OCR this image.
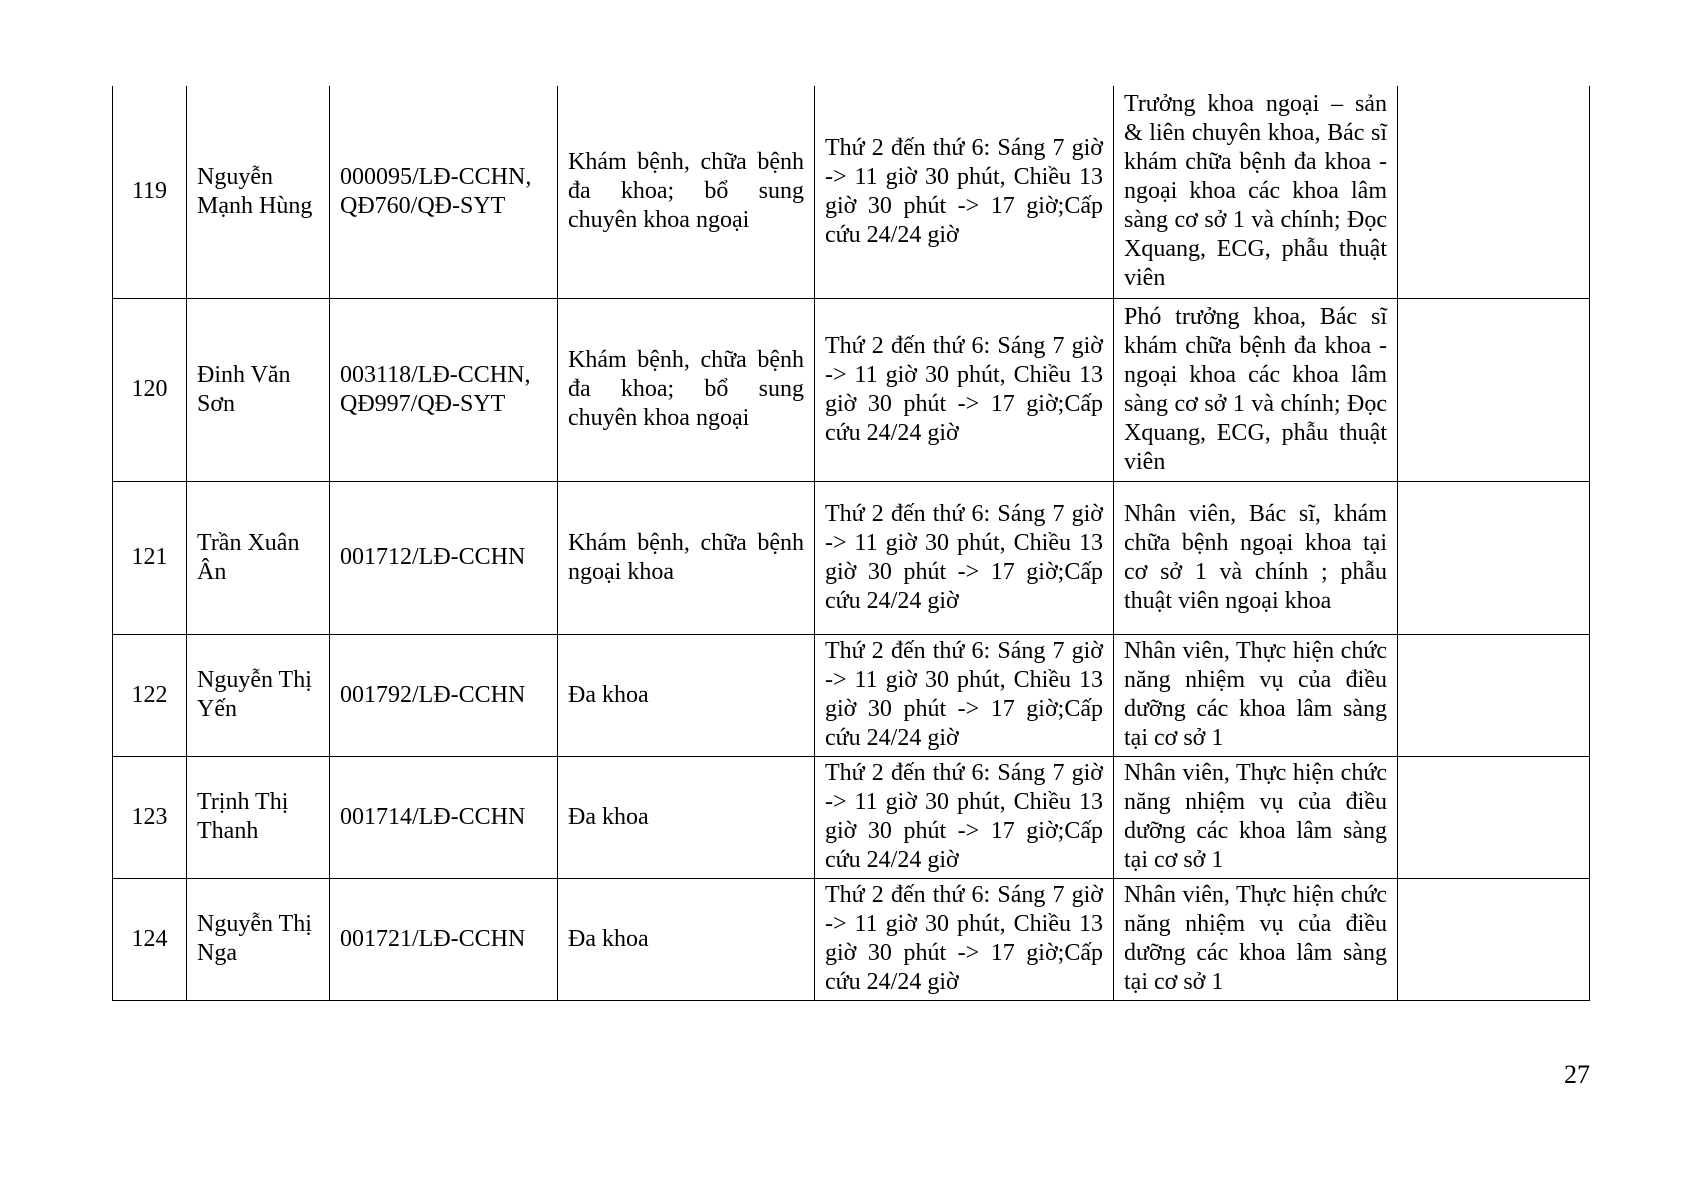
119	Nguyễn Mạnh Hùng	000095/LĐ-CCHN,QĐ760/QĐ-SYT	Khám bệnh, chữa bệnh đa khoa; bổ sung chuyên khoa ngoại	Thứ 2 đến thứ 6: Sáng 7 giờ -> 11 giờ 30 phút, Chiều 13 giờ 30 phút -> 17 giờ;Cấp cứu 24/24 giờ	Trưởng khoa ngoại – sản & liên chuyên khoa, Bác sĩ khám chữa bệnh đa khoa - ngoại khoa các khoa lâm sàng cơ sở 1 và chính; Đọc Xquang, ECG, phẫu thuật viên	
120	Đinh Văn Sơn	003118/LĐ-CCHN,QĐ997/QĐ-SYT	Khám bệnh, chữa bệnh đa khoa; bổ sung chuyên khoa ngoại	Thứ 2 đến thứ 6: Sáng 7 giờ -> 11 giờ 30 phút, Chiều 13 giờ 30 phút -> 17 giờ;Cấp cứu 24/24 giờ	Phó trưởng khoa, Bác sĩ khám chữa bệnh đa khoa - ngoại khoa các khoa lâm sàng cơ sở 1 và chính; Đọc Xquang, ECG, phẫu thuật viên	
121	Trần Xuân Ân	001712/LĐ-CCHN	Khám bệnh, chữa bệnh ngoại khoa	Thứ 2 đến thứ 6: Sáng 7 giờ -> 11 giờ 30 phút, Chiều 13 giờ 30 phút -> 17 giờ;Cấp cứu 24/24 giờ	Nhân viên, Bác sĩ, khám chữa bệnh ngoại khoa tại cơ sở 1 và chính ; phẫu thuật viên ngoại khoa	
122	Nguyễn Thị Yến	001792/LĐ-CCHN	Đa khoa	Thứ 2 đến thứ 6: Sáng 7 giờ -> 11 giờ 30 phút, Chiều 13 giờ 30 phút -> 17 giờ;Cấp cứu 24/24 giờ	Nhân viên, Thực hiện chức năng nhiệm vụ của điều dưỡng các khoa lâm sàng tại cơ sở 1	
123	Trịnh Thị Thanh	001714/LĐ-CCHN	Đa khoa	Thứ 2 đến thứ 6: Sáng 7 giờ -> 11 giờ 30 phút, Chiều 13 giờ 30 phút -> 17 giờ;Cấp cứu 24/24 giờ	Nhân viên, Thực hiện chức năng nhiệm vụ của điều dưỡng các khoa lâm sàng tại cơ sở 1	
124	Nguyễn Thị Nga	001721/LĐ-CCHN	Đa khoa	Thứ 2 đến thứ 6: Sáng 7 giờ -> 11 giờ 30 phút, Chiều 13 giờ 30 phút -> 17 giờ;Cấp cứu 24/24 giờ	Nhân viên, Thực hiện chức năng nhiệm vụ của điều dưỡng các khoa lâm sàng tại cơ sở 1	
27
